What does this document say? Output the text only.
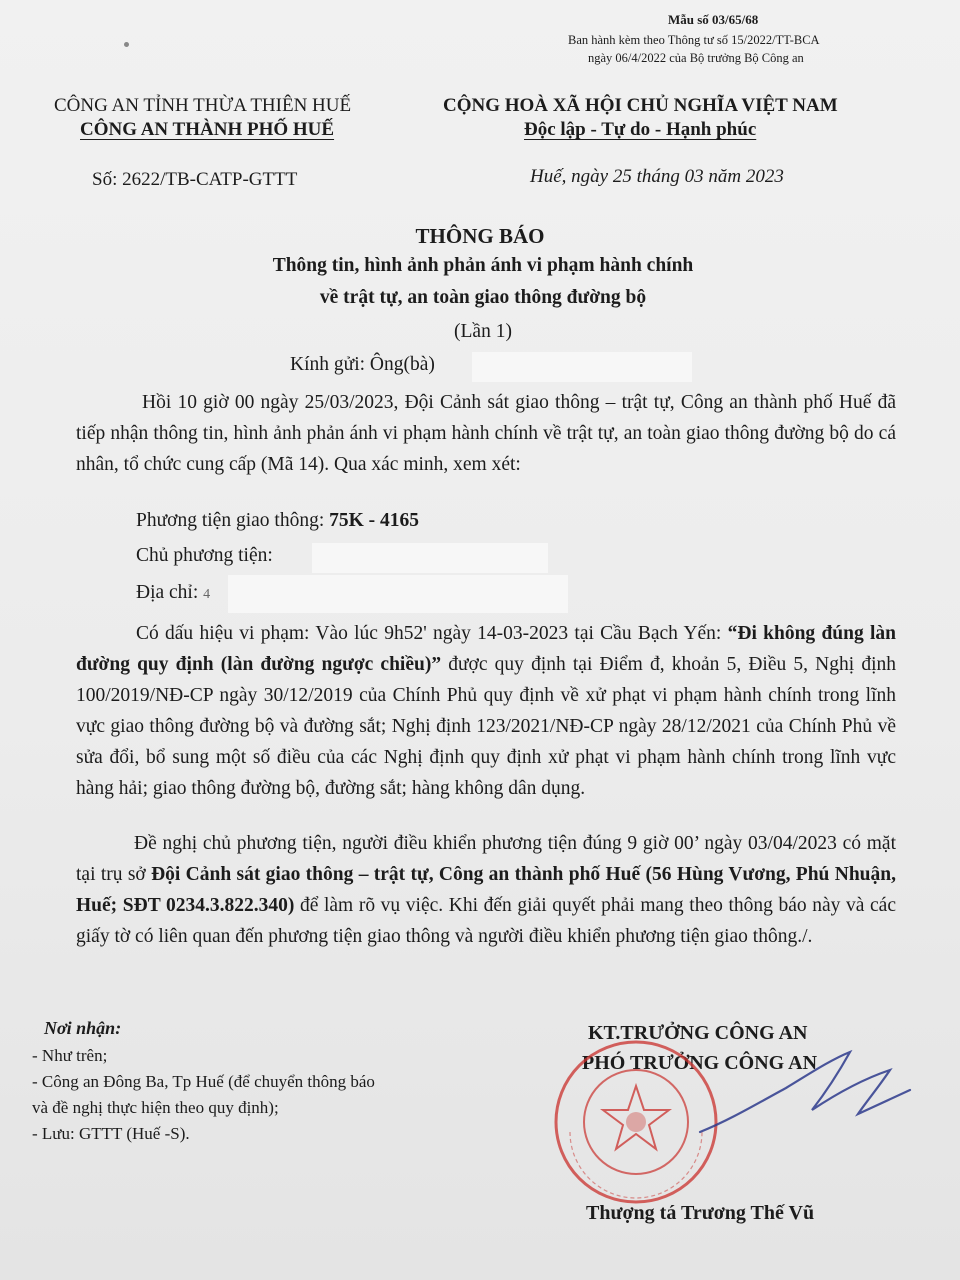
Mẫu số 03/65/68
Ban hành kèm theo Thông tư số 15/2022/TT-BCA
ngày 06/4/2022 của Bộ trưởng Bộ Công an
CÔNG AN TỈNH THỪA THIÊN HUẾ
CÔNG AN THÀNH PHỐ HUẾ
Số: 2622/TB-CATP-GTTT
CỘNG HOÀ XÃ HỘI CHỦ NGHĨA VIỆT NAM
Độc lập - Tự do - Hạnh phúc
Huế, ngày 25 tháng 03 năm 2023
THÔNG BÁO
Thông tin, hình ảnh phản ánh vi phạm hành chính
về trật tự, an toàn giao thông đường bộ
(Lần 1)
Kính gửi: Ông(bà)
Hồi 10 giờ 00 ngày 25/03/2023, Đội Cảnh sát giao thông – trật tự, Công an thành phố Huế đã tiếp nhận thông tin, hình ảnh phản ánh vi phạm hành chính về trật tự, an toàn giao thông đường bộ do cá nhân, tổ chức cung cấp (Mã 14). Qua xác minh, xem xét:
Phương tiện giao thông: 75K - 4165
Chủ phương tiện:
Địa chỉ: 4
Có dấu hiệu vi phạm: Vào lúc 9h52' ngày 14-03-2023 tại Cầu Bạch Yến: “Đi không đúng làn đường quy định (làn đường ngược chiều)” được quy định tại Điểm đ, khoản 5, Điều 5, Nghị định 100/2019/NĐ-CP ngày 30/12/2019 của Chính Phủ quy định về xử phạt vi phạm hành chính trong lĩnh vực giao thông đường bộ và đường sắt; Nghị định 123/2021/NĐ-CP ngày 28/12/2021 của Chính Phủ về sửa đổi, bổ sung một số điều của các Nghị định quy định xử phạt vi phạm hành chính trong lĩnh vực hàng hải; giao thông đường bộ, đường sắt; hàng không dân dụng.
Đề nghị chủ phương tiện, người điều khiển phương tiện đúng 9 giờ 00’ ngày 03/04/2023 có mặt tại trụ sở Đội Cảnh sát giao thông – trật tự, Công an thành phố Huế (56 Hùng Vương, Phú Nhuận, Huế; SĐT 0234.3.822.340) để làm rõ vụ việc. Khi đến giải quyết phải mang theo thông báo này và các giấy tờ có liên quan đến phương tiện giao thông và người điều khiển phương tiện giao thông./.
Nơi nhận:
- Như trên;
- Công an Đông Ba, Tp Huế (để chuyển thông báo
và đề nghị thực hiện theo quy định);
- Lưu: GTTT (Huế -S).
KT.TRƯỞNG CÔNG AN
PHÓ TRƯỞNG CÔNG AN
Thượng tá Trương Thế Vũ
